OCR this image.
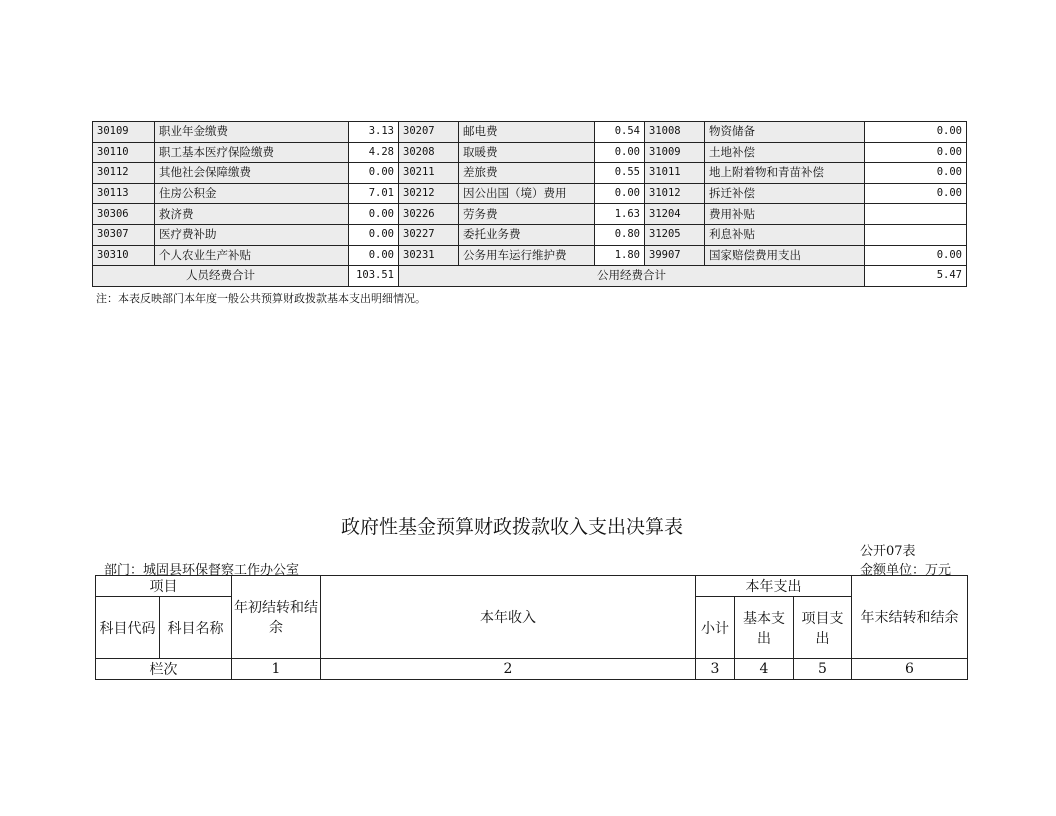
30109	职业年金缴费	3.13	30207	邮电费	0.54	31008	物资储备	0.00
30110	职工基本医疗保险缴费	4.28	30208	取暖费	0.00	31009	土地补偿	0.00
30112	其他社会保障缴费	0.00	30211	差旅费	0.55	31011	地上附着物和青苗补偿	0.00
30113	住房公积金	7.01	30212	因公出国（境）费用	0.00	31012	拆迁补偿	0.00
30306	救济费	0.00	30226	劳务费	1.63	31204	费用补贴	
30307	医疗费补助	0.00	30227	委托业务费	0.80	31205	利息补贴	
30310	个人农业生产补贴	0.00	30231	公务用车运行维护费	1.80	39907	国家赔偿费用支出	0.00
人员经费合计		103.51	公用经费合计					5.47
注：本表反映部门本年度一般公共预算财政拨款基本支出明细情况。
政府性基金预算财政拨款收入支出决算表
公开07表
部门：城固县环保督察工作办公室	金额单位：万元
项目		年初结转和结余	本年收入	本年支出			年末结转和结余
科目代码	科目名称			小计	基本支出	项目支出	
栏次		1	2	3	4	5	6
